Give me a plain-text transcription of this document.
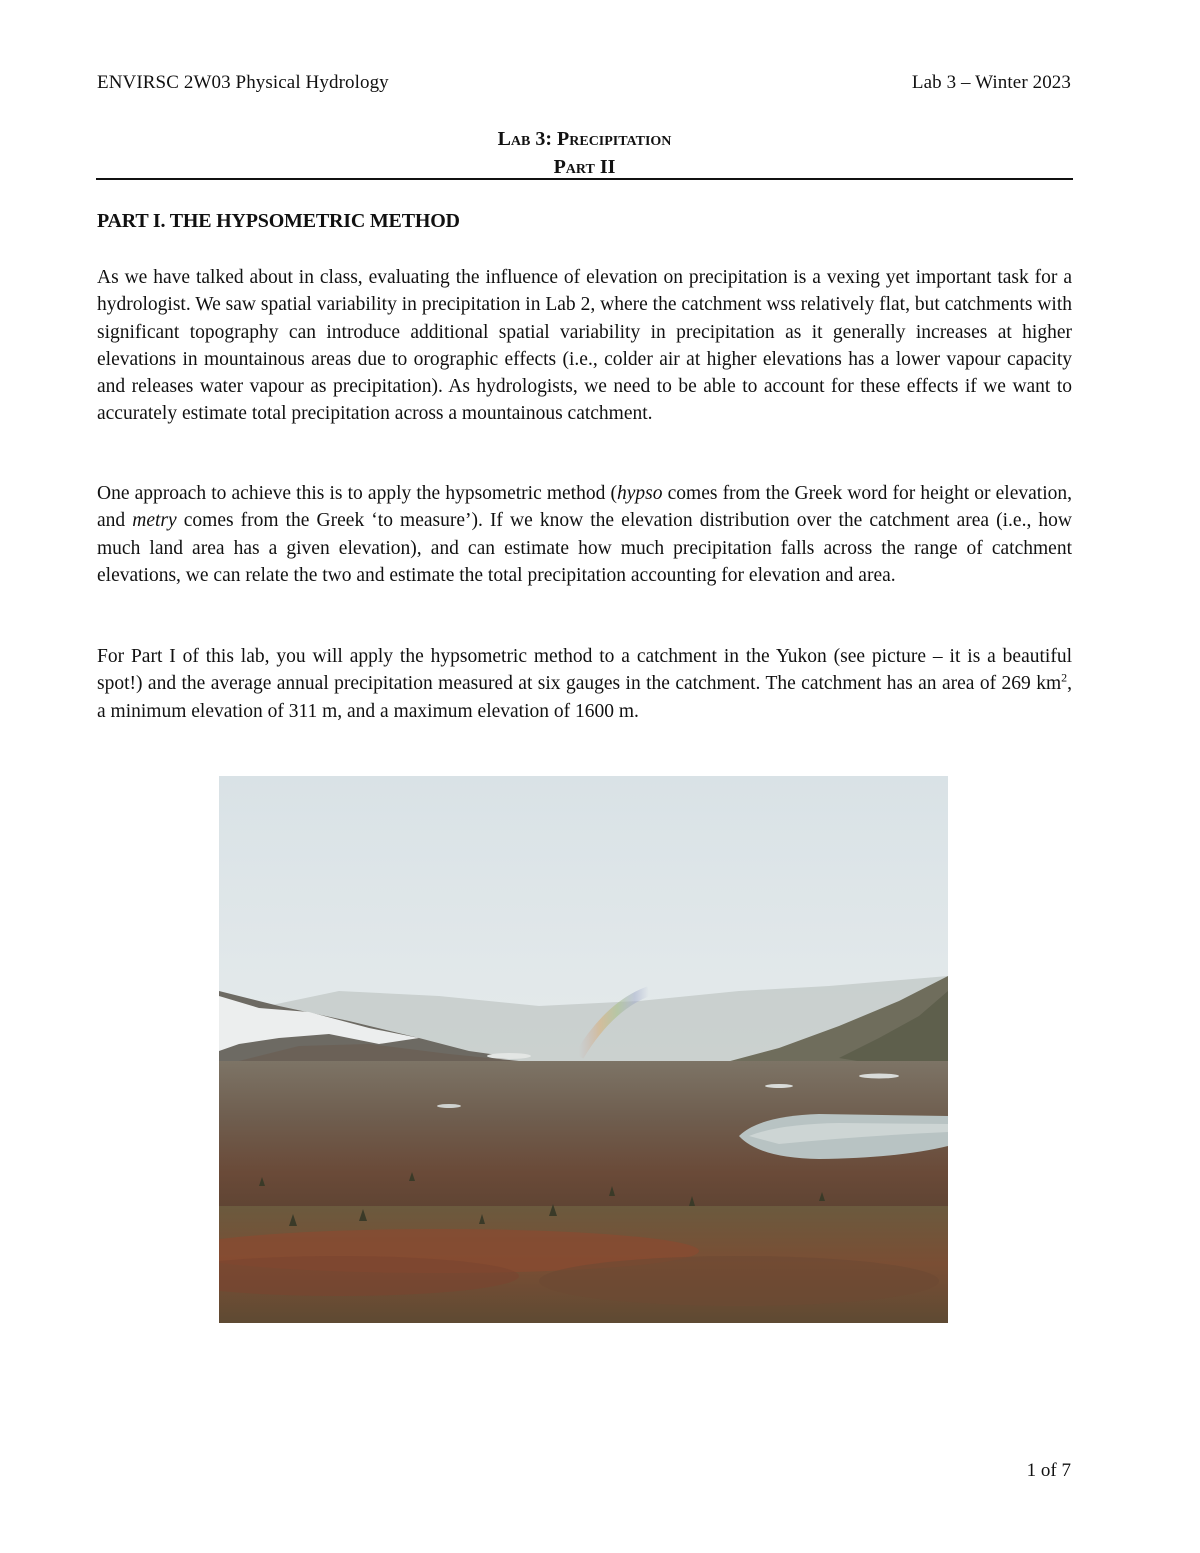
ENVIRSC 2W03 Physical Hydrology	Lab 3 – Winter 2023
Lab 3: Precipitation
Part II
PART I. THE HYPSOMETRIC METHOD

As we have talked about in class, evaluating the influence of elevation on precipitation is a vexing yet important task for a hydrologist. We saw spatial variability in precipitation in Lab 2, where the catchment wss relatively flat, but catchments with significant topography can introduce additional spatial variability in precipitation as it generally increases at higher elevations in mountainous areas due to orographic effects (i.e., colder air at higher elevations has a lower vapour capacity and releases water vapour as precipitation). As hydrologists, we need to be able to account for these effects if we want to accurately estimate total precipitation across a mountainous catchment.

One approach to achieve this is to apply the hypsometric method (hypso comes from the Greek word for height or elevation, and metry comes from the Greek ‘to measure’). If we know the elevation distribution over the catchment area (i.e., how much land area has a given elevation), and can estimate how much precipitation falls across the range of catchment elevations, we can relate the two and estimate the total precipitation accounting for elevation and area.

For Part I of this lab, you will apply the hypsometric method to a catchment in the Yukon (see picture – it is a beautiful spot!) and the average annual precipitation measured at six gauges in the catchment. The catchment has an area of 269 $km^2$, a minimum elevation of 311 m, and a maximum elevation of 1600 m.

1 of 7
